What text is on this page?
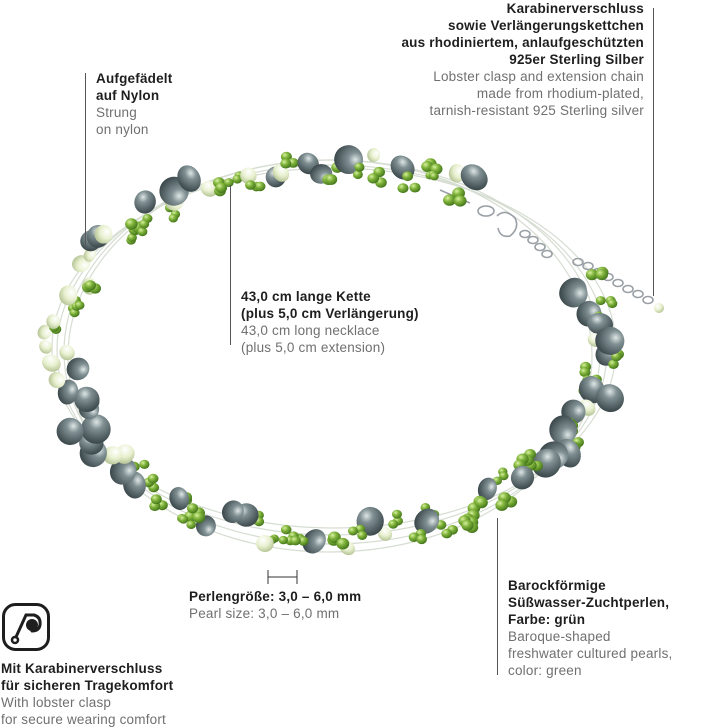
Karabinerverschluss
sowie Verlängerungskettchen
aus rhodiniertem, anlaufgeschützten
925er Sterling Silber
Lobster clasp and extension chain
made from rhodium-plated,
tarnish-resistant 925 Sterling silver
Aufgefädelt
auf Nylon
Strung
on nylon
43,0 cm lange Kette
(plus 5,0 cm Verlängerung)
43,0 cm long necklace
(plus 5,0 cm extension)
Perlengröße: 3,0 – 6,0 mm
Pearl size: 3,0 – 6,0 mm
Barockförmige
Süßwasser-Zuchtperlen,
Farbe: grün
Baroque-shaped
freshwater cultured pearls,
color: green
Mit Karabinerverschluss
für sicheren Tragekomfort
With lobster clasp
for secure wearing comfort
